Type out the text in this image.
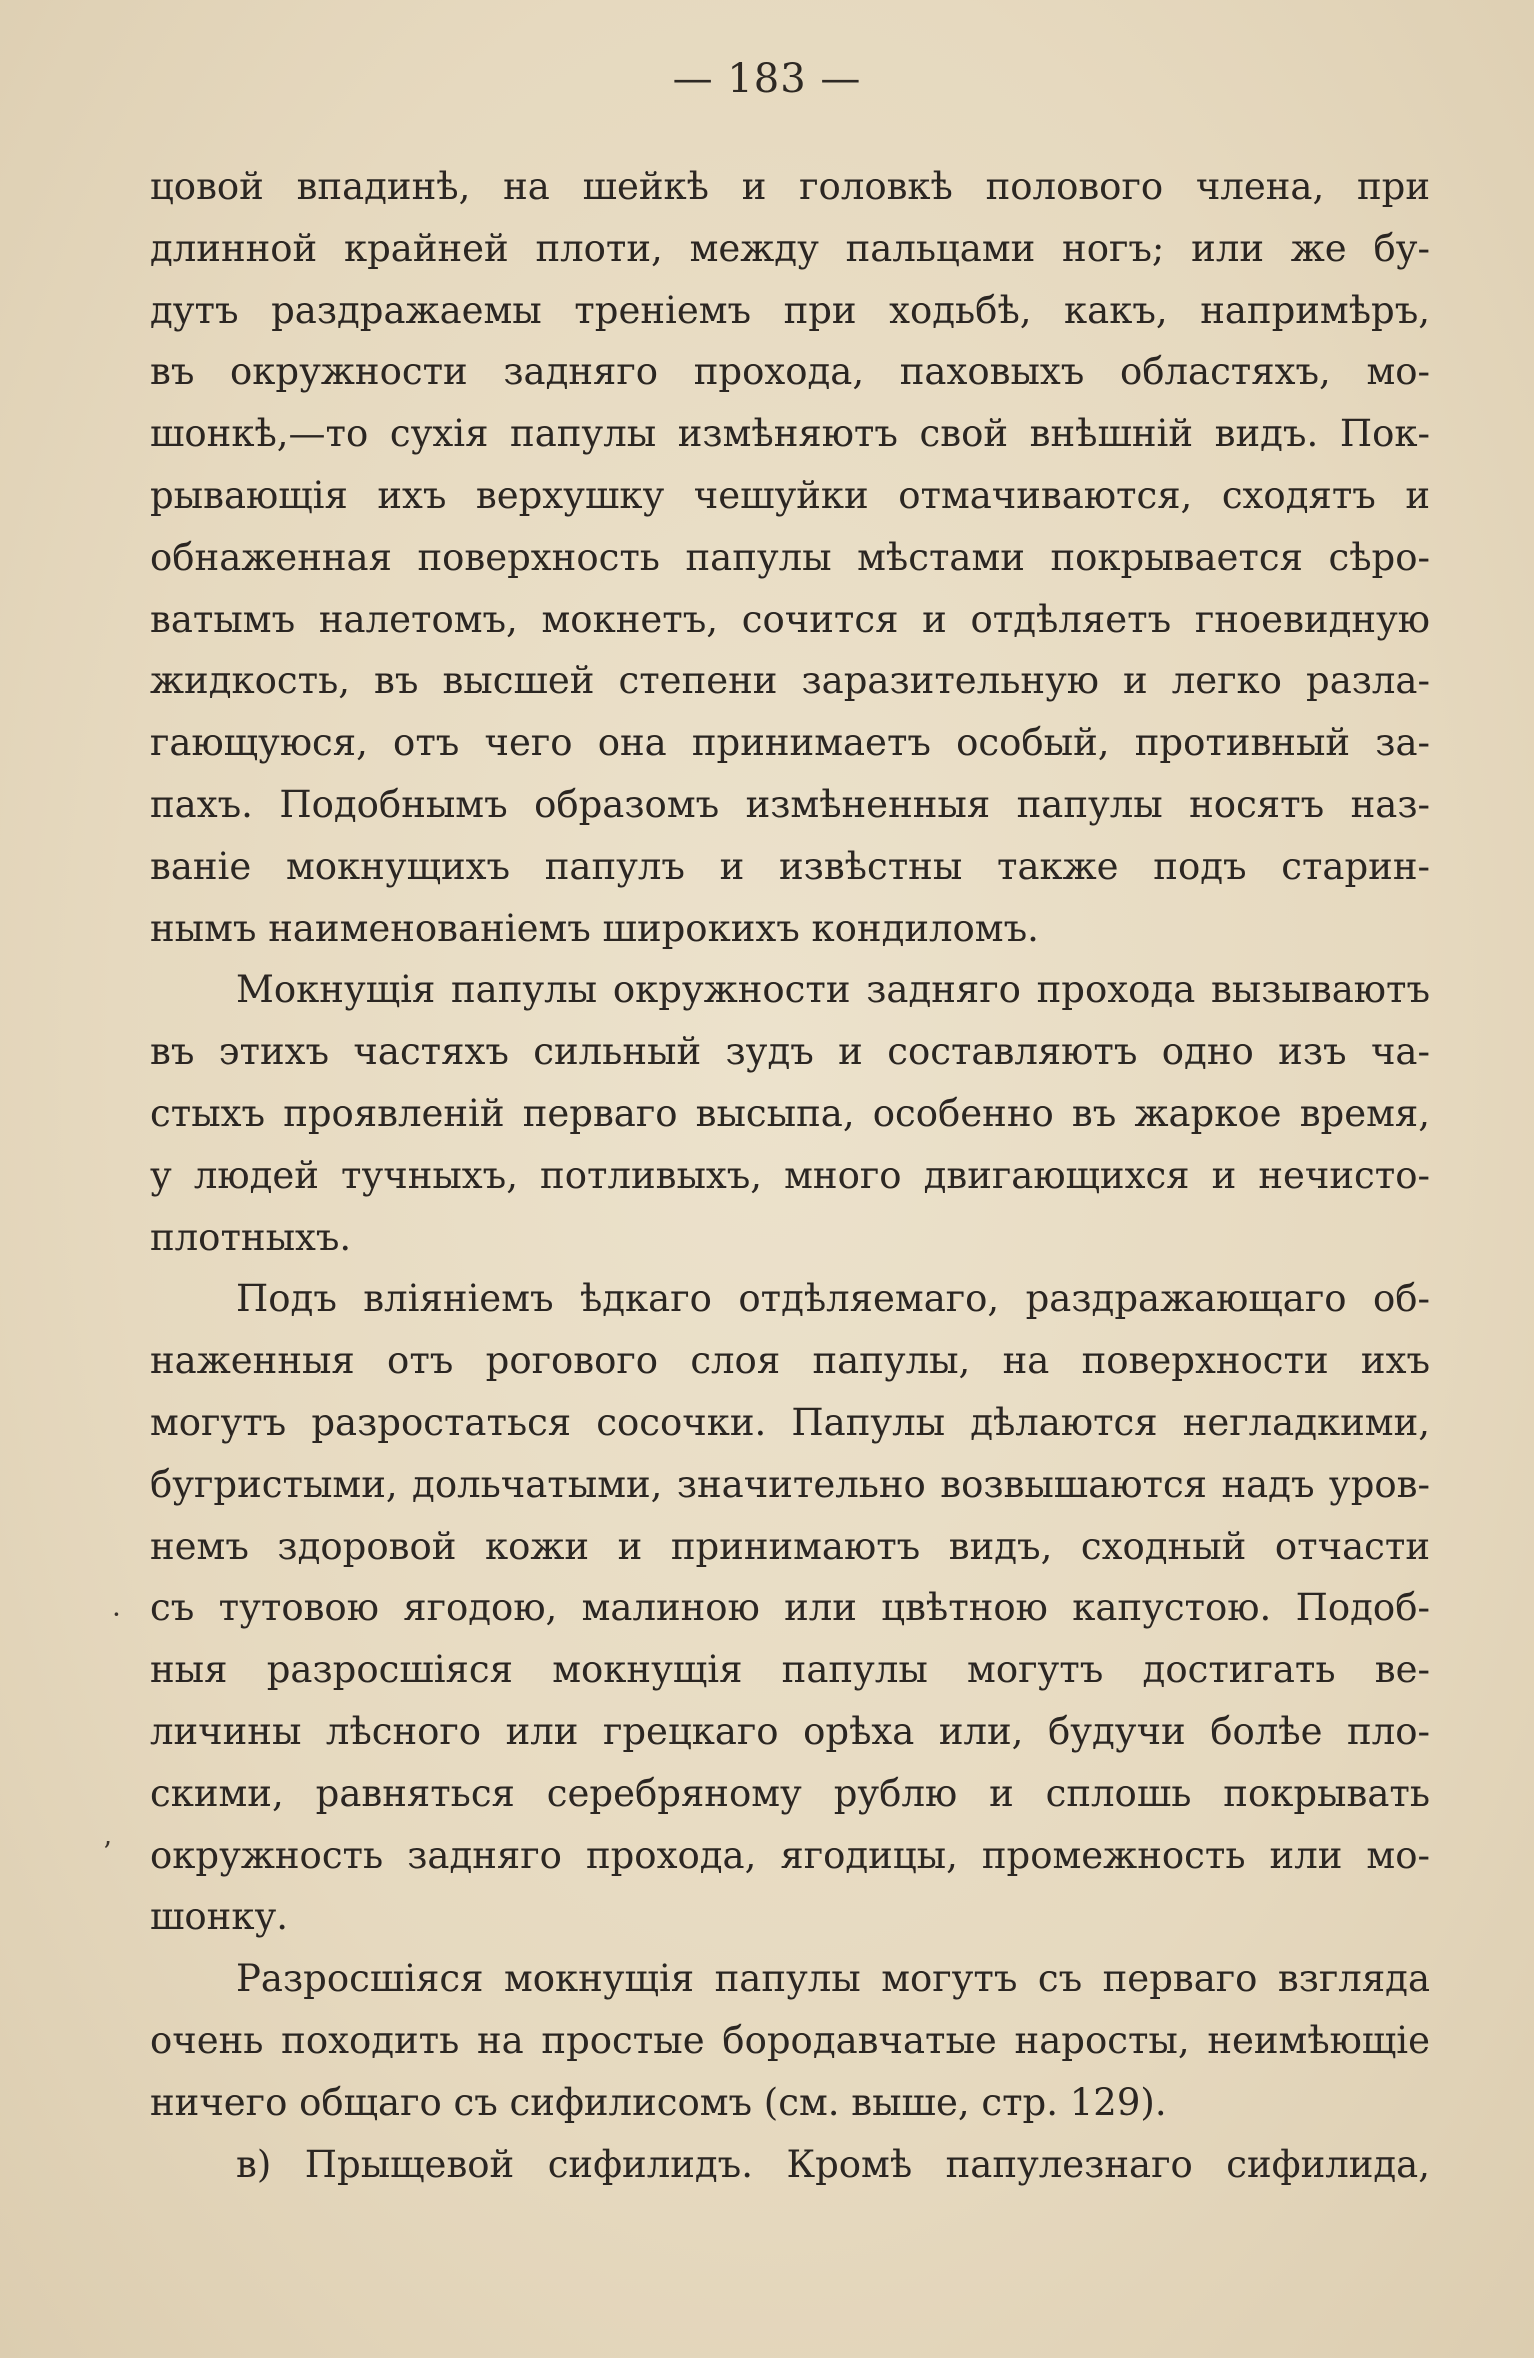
— 183 —
цовой впадинѣ, на шейкѣ и головкѣ полового члена, при
длинной крайней плоти, между пальцами ногъ; или же бу-
дутъ раздражаемы тренiемъ при ходьбѣ, какъ, напримѣръ,
въ окружности задняго прохода, паховыхъ областяхъ, мо-
шонкѣ,—то сухiя папулы измѣняютъ свой внѣшнiй видъ. Пок-
рывающiя ихъ верхушку чешуйки отмачиваются, сходятъ и
обнаженная поверхность папулы мѣстами покрывается сѣро-
ватымъ налетомъ, мокнетъ, сочится и отдѣляетъ гноевидную
жидкость, въ высшей степени заразительную и легко разла-
гающуюся, отъ чего она принимаетъ особый, противный за-
пахъ. Подобнымъ образомъ измѣненныя папулы носятъ наз-
ванiе мокнущихъ папулъ и извѣстны также подъ старин-
нымъ наименованiемъ широкихъ кондиломъ.
Мокнущiя папулы окружности задняго прохода вызываютъ
въ этихъ частяхъ сильный зудъ и составляютъ одно изъ ча-
стыхъ проявленiй перваго высыпа, особенно въ жаркое время,
у людей тучныхъ, потливыхъ, много двигающихся и нечисто-
плотныхъ.
Подъ влiянiемъ ѣдкаго отдѣляемаго, раздражающаго об-
наженныя отъ рогового слоя папулы, на поверхности ихъ
могутъ разростаться сосочки. Папулы дѣлаются негладкими,
бугристыми, дольчатыми, значительно возвышаются надъ уров-
немъ здоровой кожи и принимаютъ видъ, сходный отчасти
съ тутовою ягодою, малиною или цвѣтною капустою. Подоб-
ныя разросшiяся мокнущiя папулы могутъ достигать ве-
личины лѣсного или грецкаго орѣха или, будучи болѣе пло-
скими, равняться серебряному рублю и сплошь покрывать
окружность задняго прохода, ягодицы, промежность или мо-
шонку.
Разросшiяся мокнущiя папулы могутъ съ перваго взгляда
очень походить на простые бородавчатые наросты, неимѣющiе
ничего общаго съ сифилисомъ (см. выше, стр. 129).
в) Прыщевой сифилидъ. Кромѣ папулезнаго сифилида,
·
ʼ
